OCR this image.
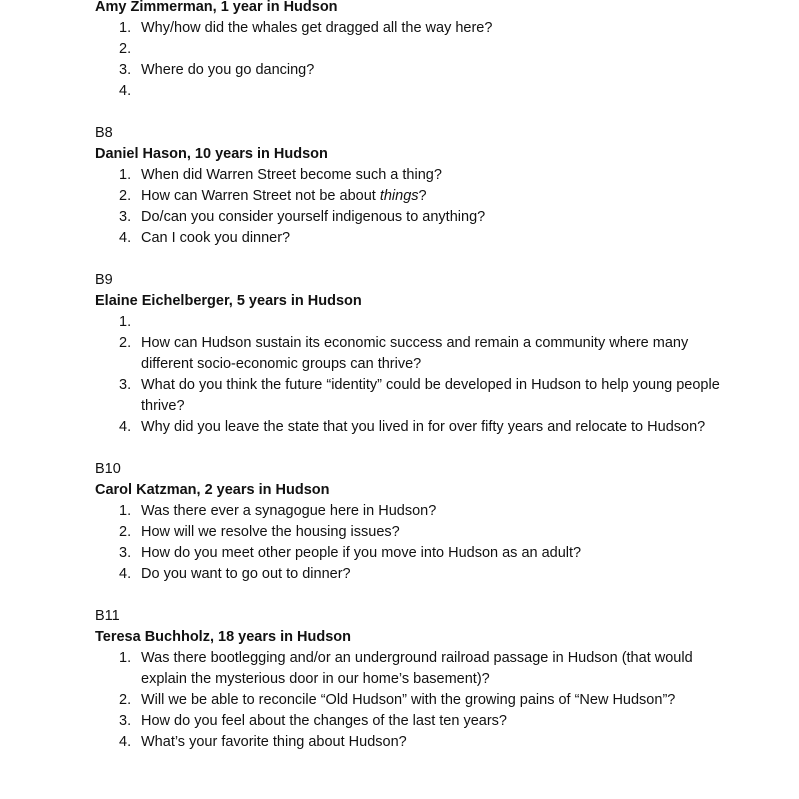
Amy Zimmerman, 1 year in Hudson
1. Why/how did the whales get dragged all the way here?
2.
3. Where do you go dancing?
4.
B8
Daniel Hason, 10 years in Hudson
1. When did Warren Street become such a thing?
2. How can Warren Street not be about things?
3. Do/can you consider yourself indigenous to anything?
4. Can I cook you dinner?
B9
Elaine Eichelberger, 5 years in Hudson
1.
2. How can Hudson sustain its economic success and remain a community where many different socio-economic groups can thrive?
3. What do you think the future “identity” could be developed in Hudson to help young people thrive?
4. Why did you leave the state that you lived in for over fifty years and relocate to Hudson?
B10
Carol Katzman, 2 years in Hudson
1. Was there ever a synagogue here in Hudson?
2. How will we resolve the housing issues?
3. How do you meet other people if you move into Hudson as an adult?
4. Do you want to go out to dinner?
B11
Teresa Buchholz, 18 years in Hudson
1. Was there bootlegging and/or an underground railroad passage in Hudson (that would explain the mysterious door in our home’s basement)?
2. Will we be able to reconcile “Old Hudson” with the growing pains of “New Hudson”?
3. How do you feel about the changes of the last ten years?
4. What’s your favorite thing about Hudson?
